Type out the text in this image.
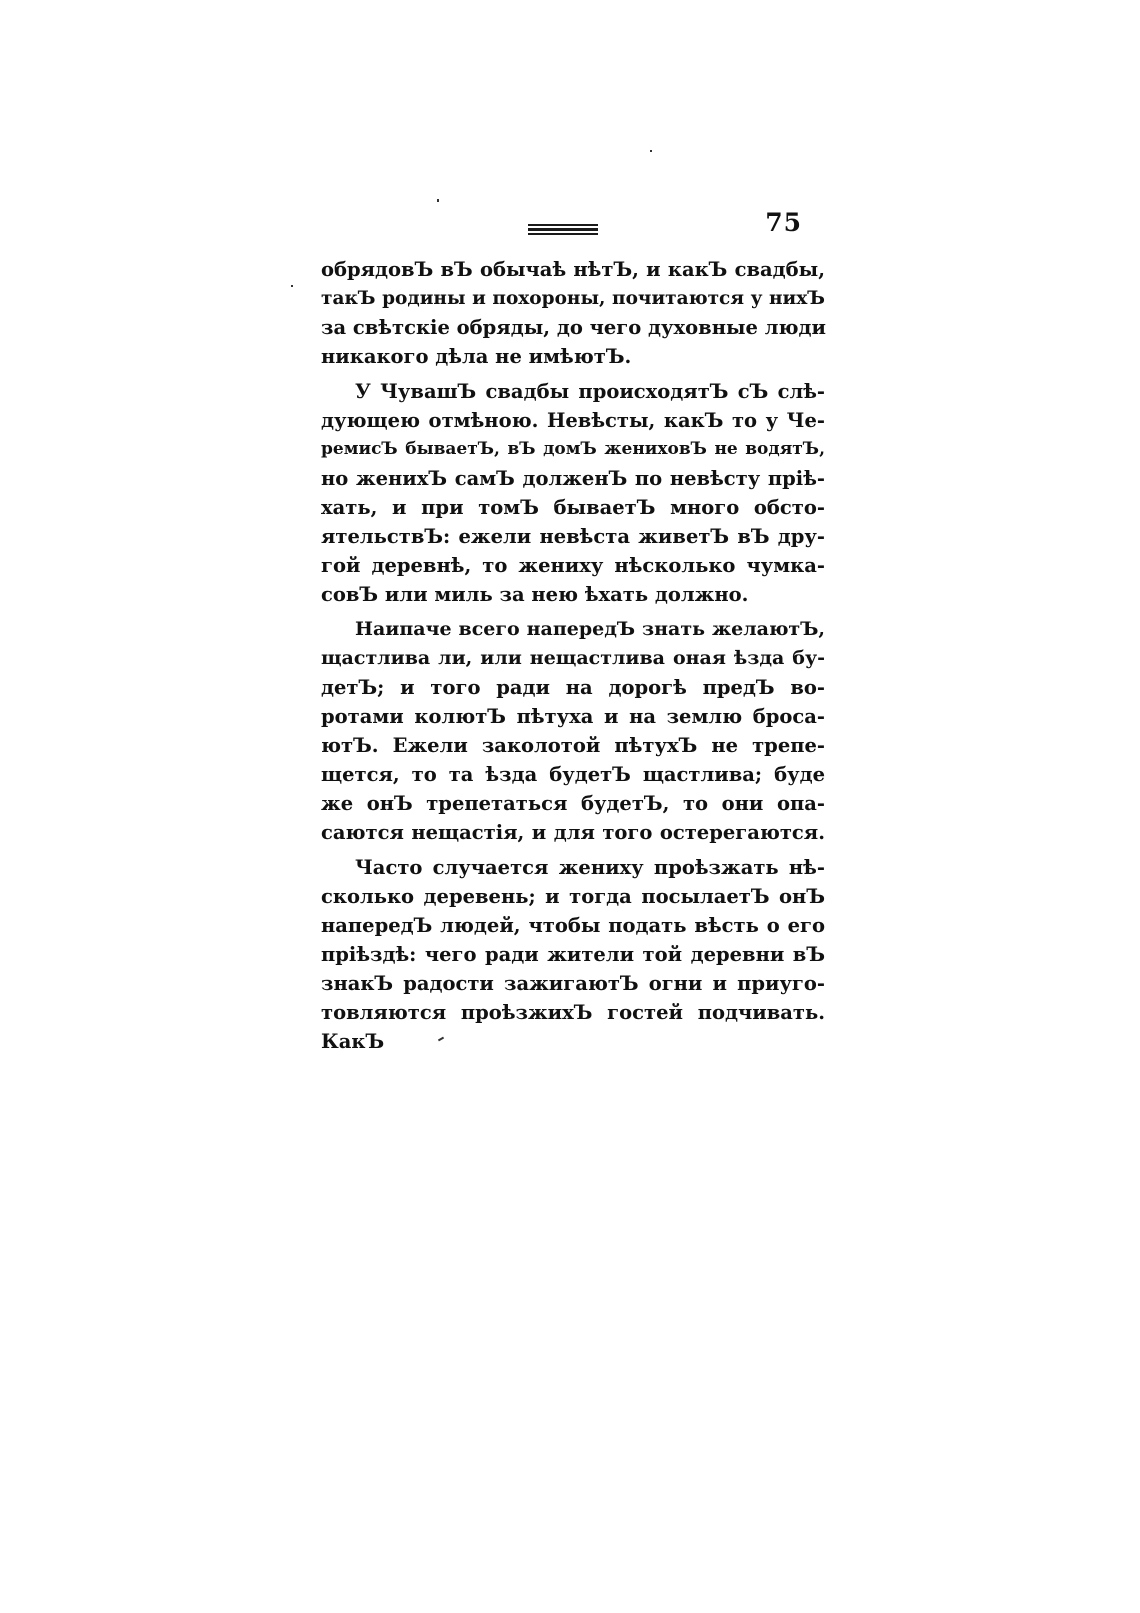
75

обрядовЪ вЪ обычаѣ нѣтЪ, и какЪ свадбы,
такЪ родины и похороны, почитаются у нихЪ
за свѣтскіе обряды, до чего духовные люди
никакого дѣла не имѣютЪ.

У ЧувашЪ свадбы происходятЪ сЪ слѣ-
дующею отмѣною. Невѣсты, какЪ то у Че-
ремисЪ бываетЪ, вЪ домЪ жениховЪ не водятЪ,
но женихЪ самЪ долженЪ по невѣсту пріѣ-
хать, и при томЪ бываетЪ много обсто-
ятельствЪ: ежели невѣста живетЪ вЪ дру-
гой деревнѣ, то жениху нѣсколько чумка-
совЪ или миль за нею ѣхать должно.

Наипаче всего напередЪ знать желаютЪ,
щастлива ли, или нещастлива оная ѣзда бу-
детЪ; и того ради на дорогѣ предЪ во-
ротами колютЪ пѣтуха и на землю броса-
ютЪ. Ежели заколотой пѣтухЪ не трепе-
щется, то та ѣзда будетЪ щастлива; буде
же онЪ трепетаться будетЪ, то они опа-
саются нещастія, и для того остерегаются.

Часто случается жениху проѣзжать нѣ-
сколько деревень; и тогда посылаетЪ онЪ
напередЪ людей, чтобы подать вѣсть о его
пріѣздѣ: чего ради жители той деревни вЪ
знакЪ радости зажигаютЪ огни и приуго-
товляются проѣзжихЪ гостей подчивать.
КакЪ
